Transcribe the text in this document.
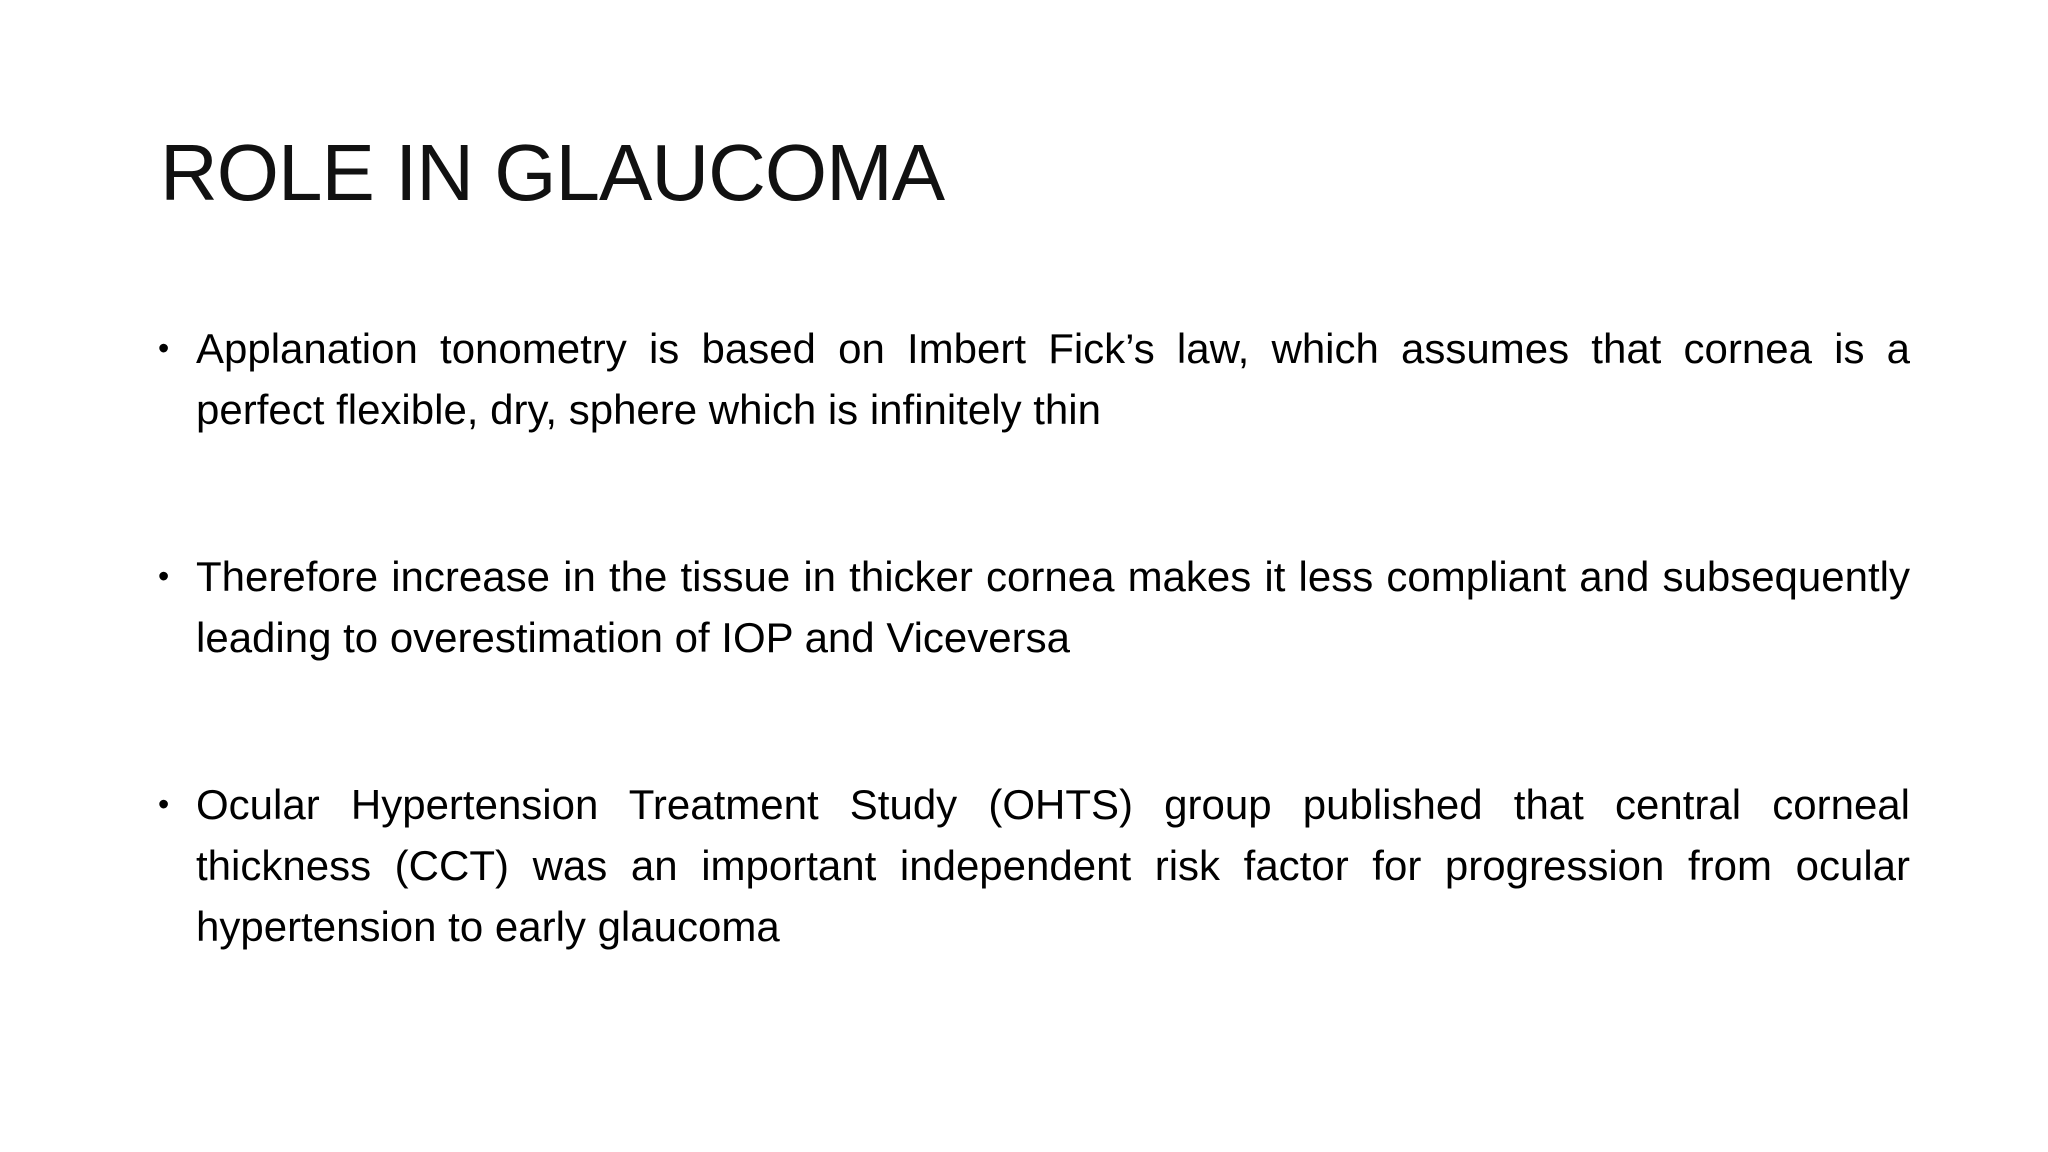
ROLE IN GLAUCOMA
• Applanation tonometry is based on Imbert Fick’s law, which assumes that cornea is a perfect flexible, dry, sphere which is infinitely thin
• Therefore increase in the tissue in thicker cornea makes it less compliant and subsequently leading to overestimation of IOP and Viceversa
• Ocular Hypertension Treatment Study (OHTS) group published that central corneal thickness (CCT) was an important independent risk factor for progression from ocular hypertension to early glaucoma
